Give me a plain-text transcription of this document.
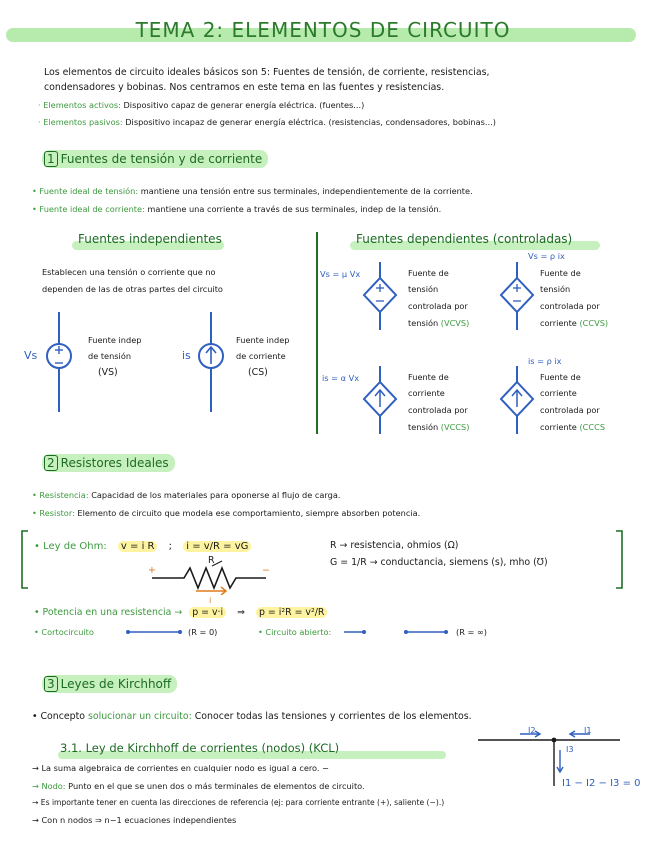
TEMA 2: ELEMENTOS DE CIRCUITO
Los elementos de circuito ideales básicos son 5: Fuentes de tensión, de corriente, resistencias,
condensadores y bobinas. Nos centramos en este tema en las fuentes y resistencias.
· Elementos activos: Dispositivo capaz de generar energía eléctrica. (fuentes...)
· Elementos pasivos: Dispositivo incapaz de generar energía eléctrica. (resistencias, condensadores, bobinas...)
1 Fuentes de tensión y de corriente
• Fuente ideal de tensión: mantiene una tensión entre sus terminales, independientemente de la corriente.
• Fuente ideal de corriente: mantiene una corriente a través de sus terminales, indep de la tensión.
Fuentes independientes	Fuentes dependientes (controladas)
Establecen una tensión o corriente que no
dependen de las de otras partes del circuito
Vs
Fuente indep
de tensión
(VS)
is
Fuente indep
de corriente
(CS)
Vs = μ Vx	Fuente de
tensión
controlada por
tensión (VCVS)
Vs = ρ ix
Fuente de
tensión
controlada por
corriente (CCVS)
is = α Vx	Fuente de
corriente
controlada por
tensión (VCCS)
is = ρ ix
Fuente de
corriente
controlada por
corriente (CCCS
2 Resistores Ideales
• Resistencia: Capacidad de los materiales para oponerse al flujo de carga.
• Resistor: Elemento de circuito que modela ese comportamiento, siempre absorben potencia.
• Ley de Ohm: v = i R ; i = v/R = vG	R → resistencia, ohmios (Ω)
G = 1/R → conductancia, siemens (s), mho (℧)
R
+	−
i
• Potencia en una resistencia → p = v·i ⇒ p = i²R = v²/R
• Cortocircuito	(R = 0)	• Circuito abierto:	(R = ∞)
3 Leyes de Kirchhoff
• Concepto solucionar un circuito: Conocer todas las tensiones y corrientes de los elementos.
3.1. Ley de Kirchhoff de corrientes (nodos) (KCL)
→ La suma algebraica de corrientes en cualquier nodo es igual a cero. −
→ Nodo: Punto en el que se unen dos o más terminales de elementos de circuito.
→ Es importante tener en cuenta las direcciones de referencia (ej: para corriente entrante (+), saliente (−).)
→ Con n nodos ⇒ n−1 ecuaciones independientes
I2	I1
I3
I1 − I2 − I3 = 0
